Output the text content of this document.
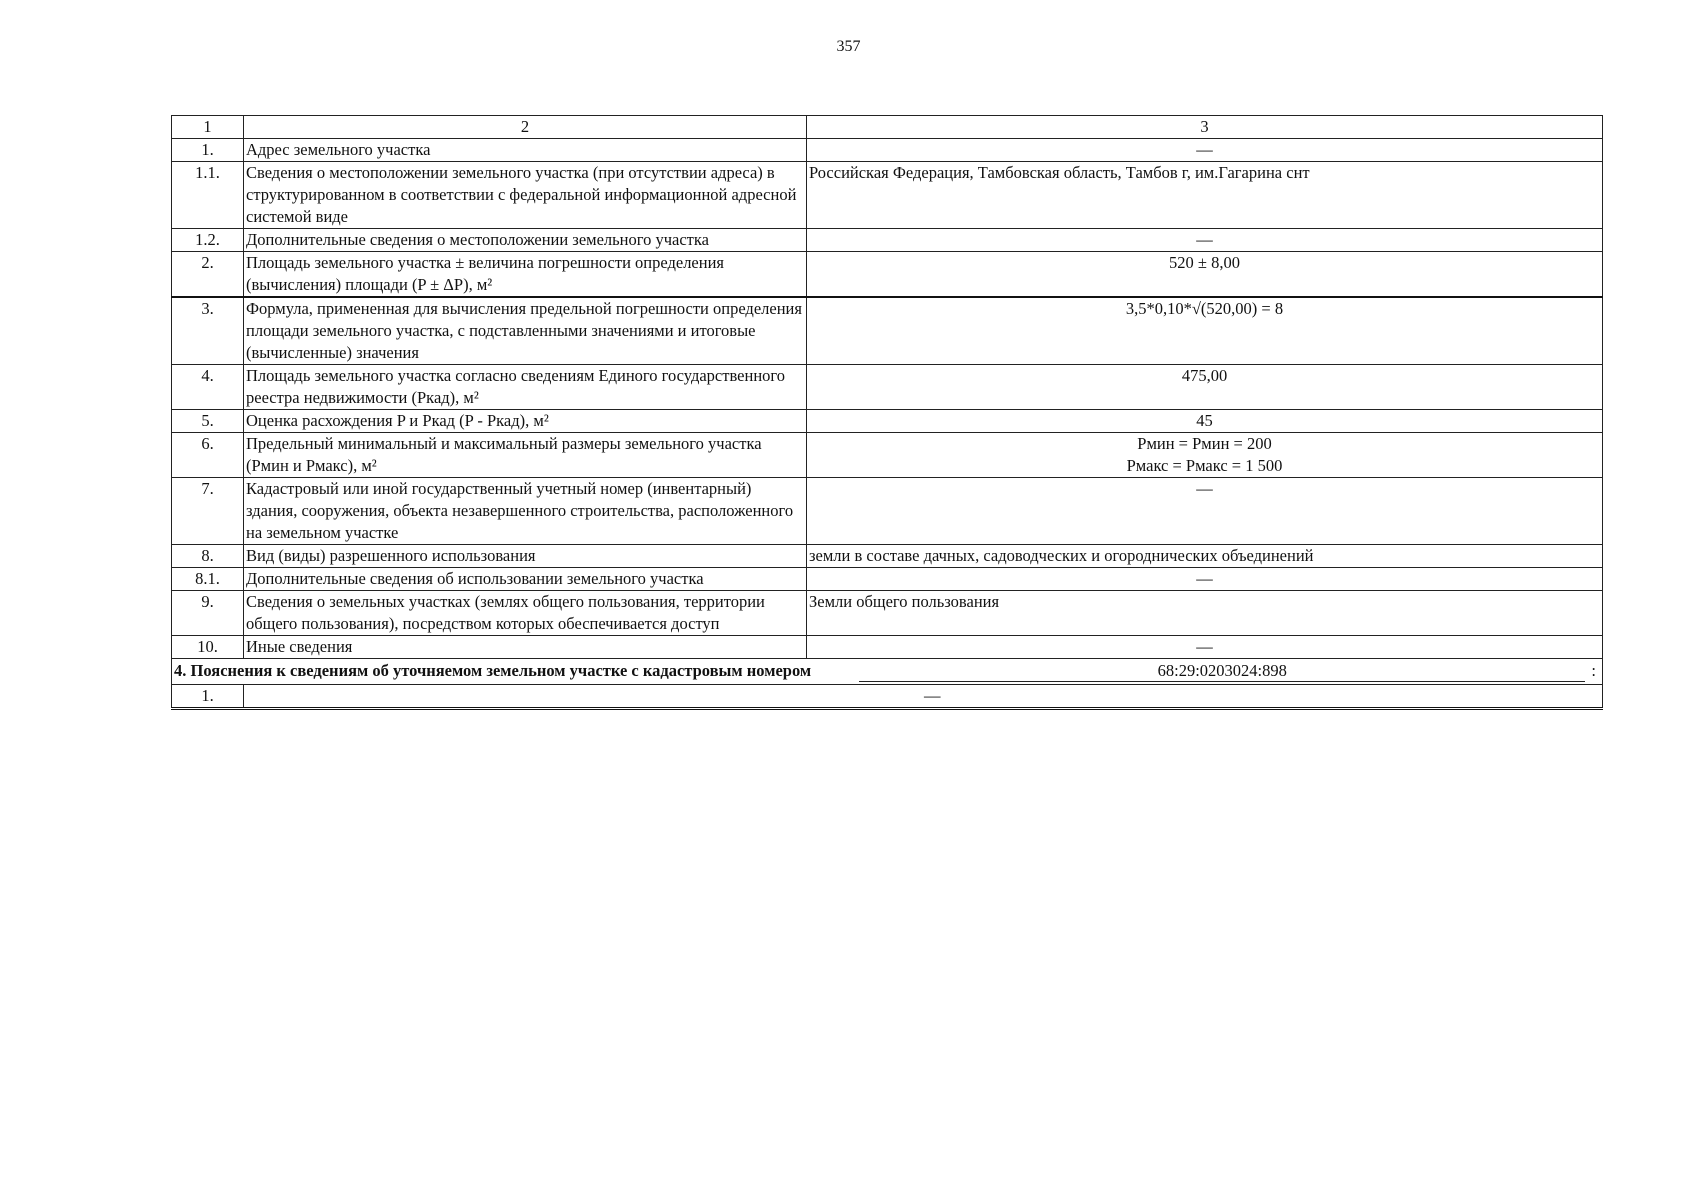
357
1	2	3
1.	Адрес земельного участка	—
1.1.	Сведения о местоположении земельного участка (при отсутствии адреса) в структурированном в соответствии с федеральной информационной адресной системой виде	Российская Федерация, Тамбовская область, Тамбов г, им.Гагарина снт
1.2.	Дополнительные сведения о местоположении земельного участка	—
2.	Площадь земельного участка ± величина погрешности определения (вычисления) площади (P ± ΔP), м²	520 ± 8,00
3.	Формула, примененная для вычисления предельной погрешности определения площади земельного участка, с подставленными значениями и итоговые (вычисленные) значения	3,5*0,10*√(520,00) = 8
4.	Площадь земельного участка согласно сведениям Единого государственного реестра недвижимости (Pкад), м²	475,00
5.	Оценка расхождения P и Pкад (P - Pкад), м²	45
6.	Предельный минимальный и максимальный размеры земельного участка (Pмин и Pмакс), м²	Pмин = Pмин = 200
Pмакс = Pмакс = 1 500

7.	Кадастровый или иной государственный учетный номер (инвентарный) здания, сооружения, объекта незавершенного строительства, расположенного на земельном участке	—
8.	Вид (виды) разрешенного использования	земли в составе дачных, садоводческих и огороднических объединений
8.1.	Дополнительные сведения об использовании земельного участка	—
9.	Сведения о земельных участках (землях общего пользования, территории общего пользования), посредством которых обеспечивается доступ	Земли общего пользования
10.	Иные сведения	—

4. Пояснения к сведениям об уточняемом земельном участке с кадастровым номером 68:29:0203024:898 :		

1.	—	
